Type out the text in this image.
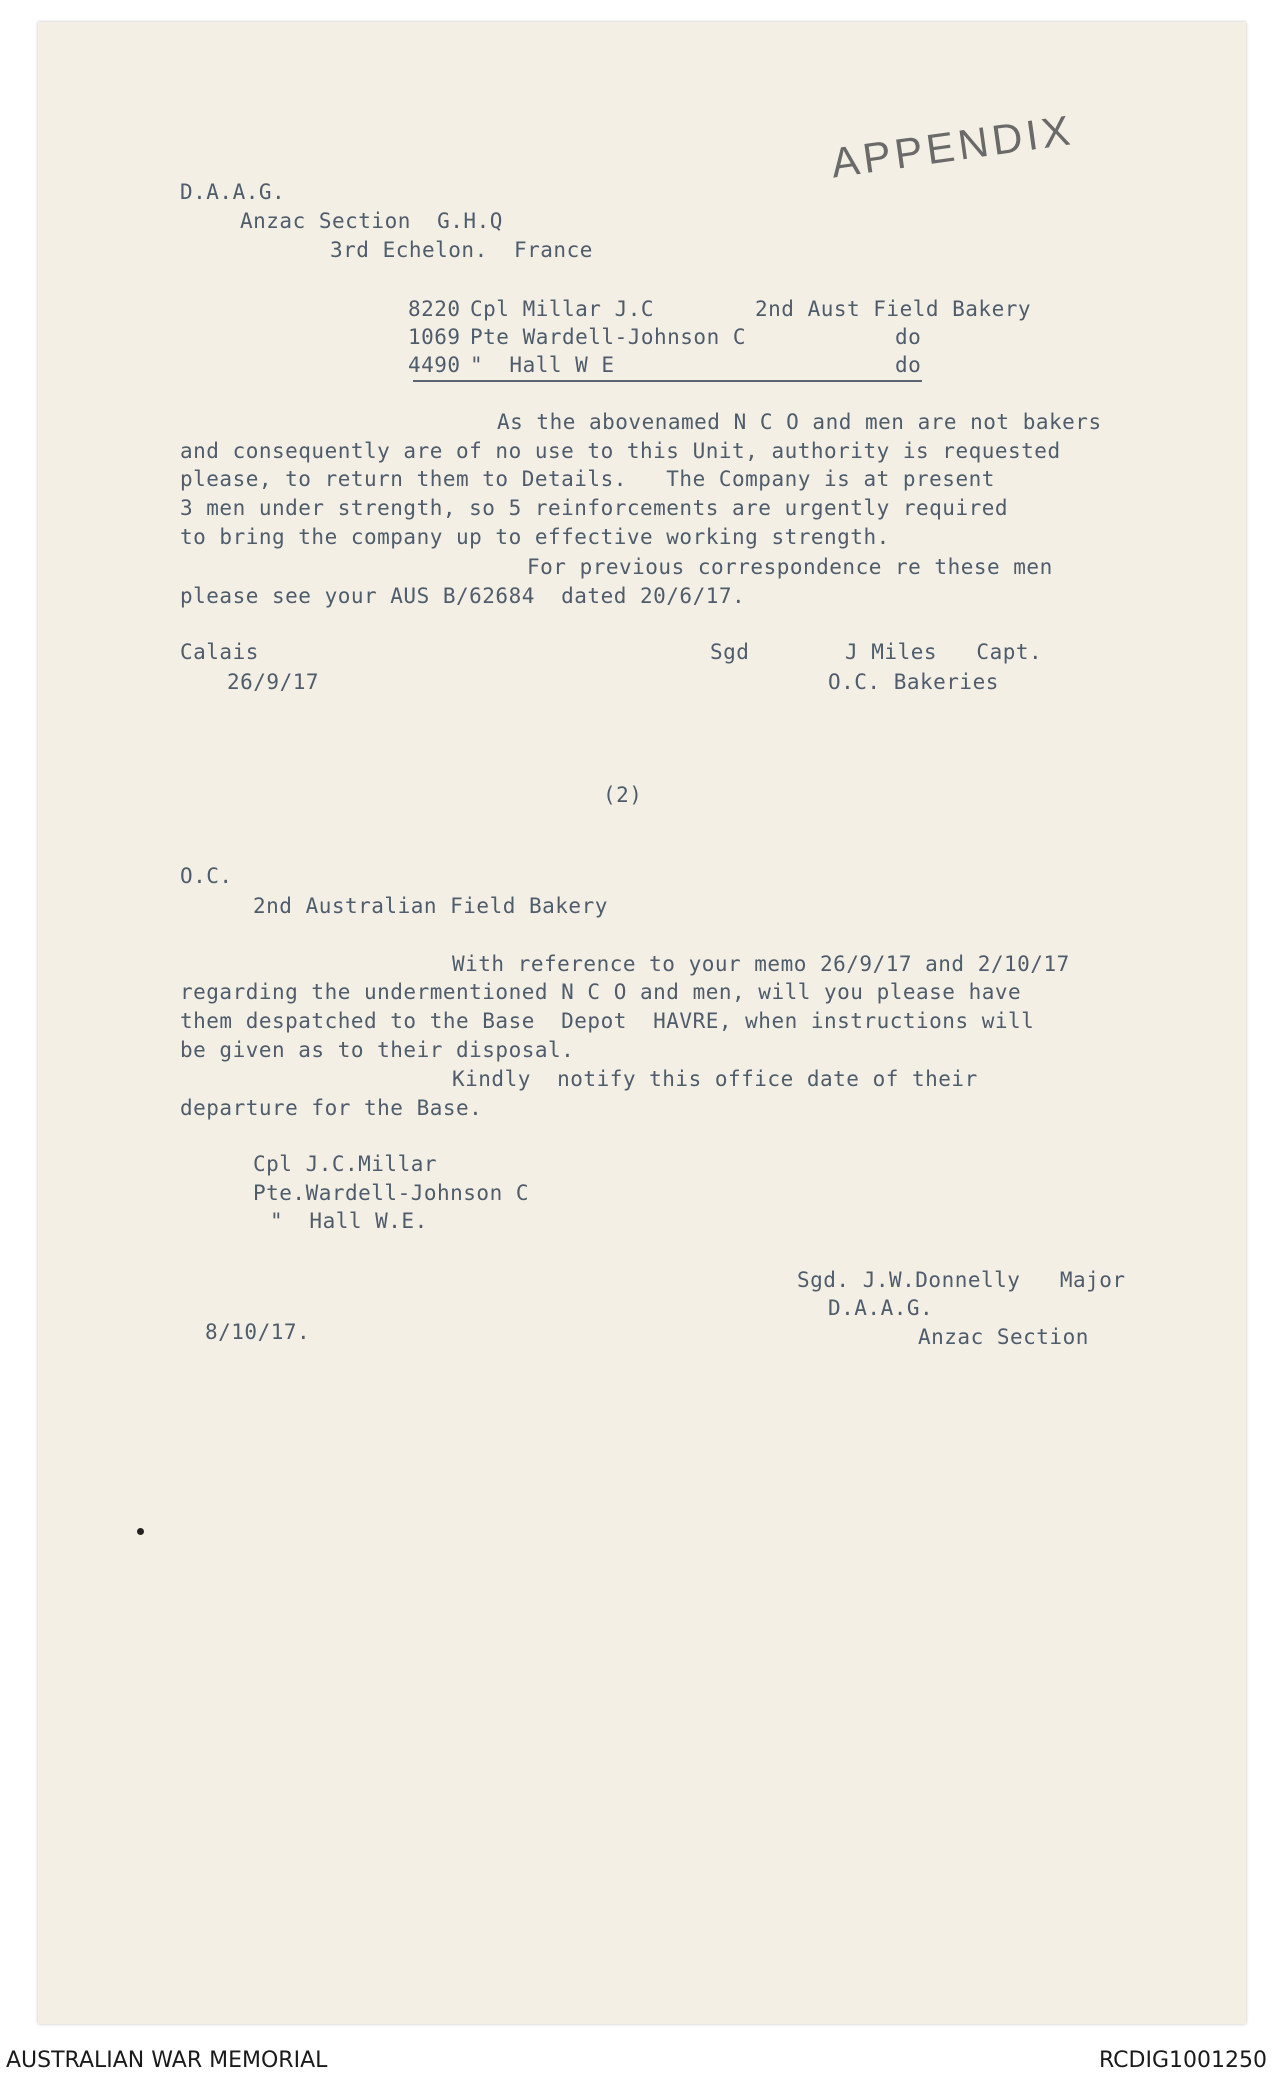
APPENDIX
D.A.A.G.
Anzac Section  G.H.Q
3rd Echelon.  France
8220 Cpl Millar J.C	2nd Aust Field Bakery
1069 Pte Wardell-Johnson C	do
4490 "  Hall W E	do
As the abovenamed N C O and men are not bakers
and consequently are of no use to this Unit, authority is requested
please, to return them to Details.   The Company is at present
3 men under strength, so 5 reinforcements are urgently required
to bring the company up to effective working strength.
For previous correspondence re these men
please see your AUS B/62684  dated 20/6/17.
Calais
26/9/17
Sgd	J Miles   Capt.
O.C. Bakeries
(2)
O.C.
2nd Australian Field Bakery
With reference to your memo 26/9/17 and 2/10/17
regarding the undermentioned N C O and men, will you please have
them despatched to the Base  Depot  HAVRE, when instructions will
be given as to their disposal.
Kindly  notify this office date of their
departure for the Base.
Cpl J.C.Millar
Pte.Wardell-Johnson C
"  Hall W.E.
Sgd. J.W.Donnelly   Major
D.A.A.G.
Anzac Section
8/10/17.
AUSTRALIAN WAR MEMORIAL	RCDIG1001250
